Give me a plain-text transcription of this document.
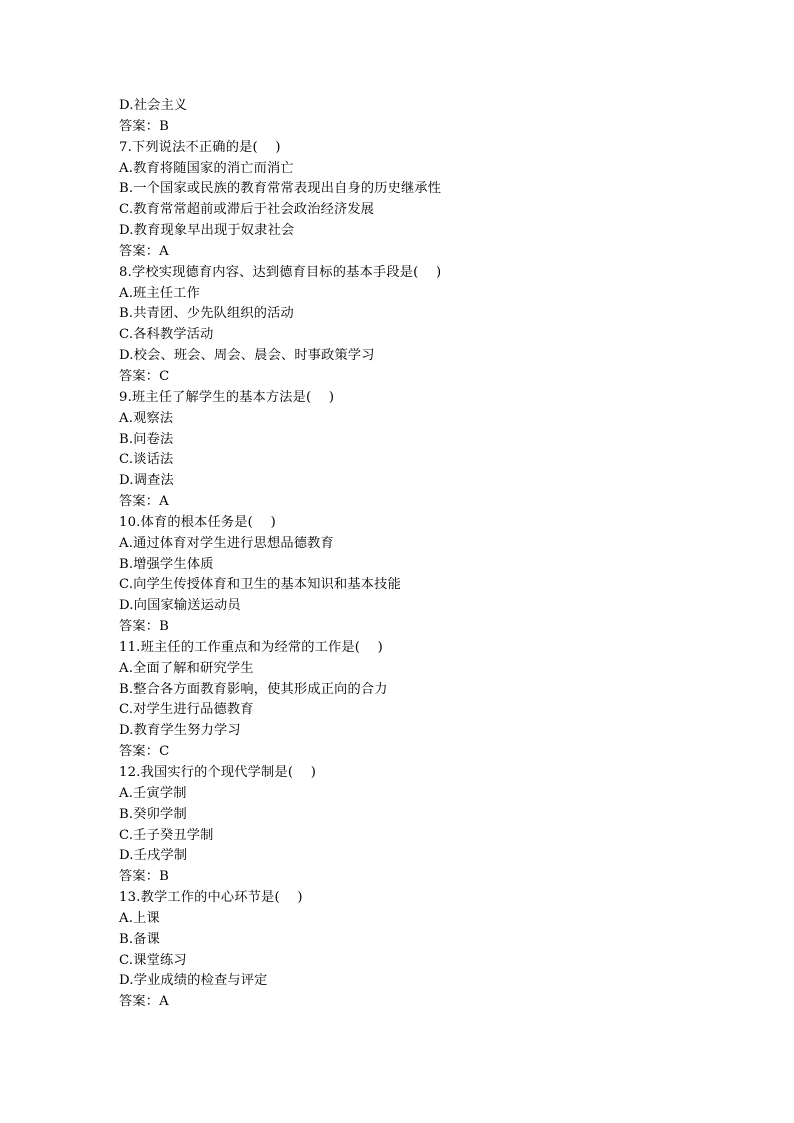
D.社会主义
答案：B
7.下列说法不正确的是(    )
A.教育将随国家的消亡而消亡
B.一个国家或民族的教育常常表现出自身的历史继承性
C.教育常常超前或滞后于社会政治经济发展
D.教育现象早出现于奴隶社会
答案：A
8.学校实现德育内容、达到德育目标的基本手段是(    )
A.班主任工作
B.共青团、少先队组织的活动
C.各科教学活动
D.校会、班会、周会、晨会、时事政策学习
答案：C
9.班主任了解学生的基本方法是(    )
A.观察法
B.问卷法
C.谈话法
D.调查法
答案：A
10.体育的根本任务是(    )
A.通过体育对学生进行思想品德教育
B.增强学生体质
C.向学生传授体育和卫生的基本知识和基本技能
D.向国家输送运动员
答案：B
11.班主任的工作重点和为经常的工作是(    )
A.全面了解和研究学生
B.整合各方面教育影响，使其形成正向的合力
C.对学生进行品德教育
D.教育学生努力学习
答案：C
12.我国实行的个现代学制是(    )
A.壬寅学制
B.癸卯学制
C.壬子癸丑学制
D.壬戌学制
答案：B
13.教学工作的中心环节是(    )
A.上课
B.备课
C.课堂练习
D.学业成绩的检查与评定
答案：A
